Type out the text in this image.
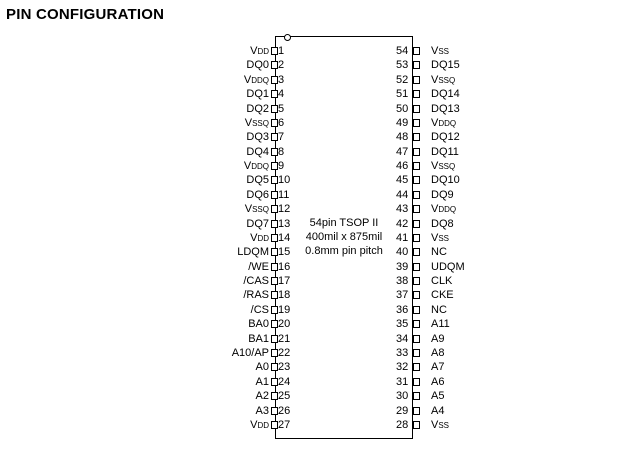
PIN CONFIGURATION
54pin TSOP II
400mil x 875mil
0.8mm pin pitch
VDD 1
DQ0 2
VDDQ 3
DQ1 4
DQ2 5
VSSQ 6
DQ3 7
DQ4 8
VDDQ 9
DQ5 10
DQ6 11
VSSQ 12
DQ7 13
VDD 14
LDQM 15
/WE 16
/CAS 17
/RAS 18
/CS 19
BA0 20
BA1 21
A10/AP 22
A0 23
A1 24
A2 25
A3 26
VDD 27
54 VSS
53 DQ15
52 VSSQ
51 DQ14
50 DQ13
49 VDDQ
48 DQ12
47 DQ11
46 VSSQ
45 DQ10
44 DQ9
43 VDDQ
42 DQ8
41 VSS
40 NC
39 UDQM
38 CLK
37 CKE
36 NC
35 A11
34 A9
33 A8
32 A7
31 A6
30 A5
29 A4
28 VSS
